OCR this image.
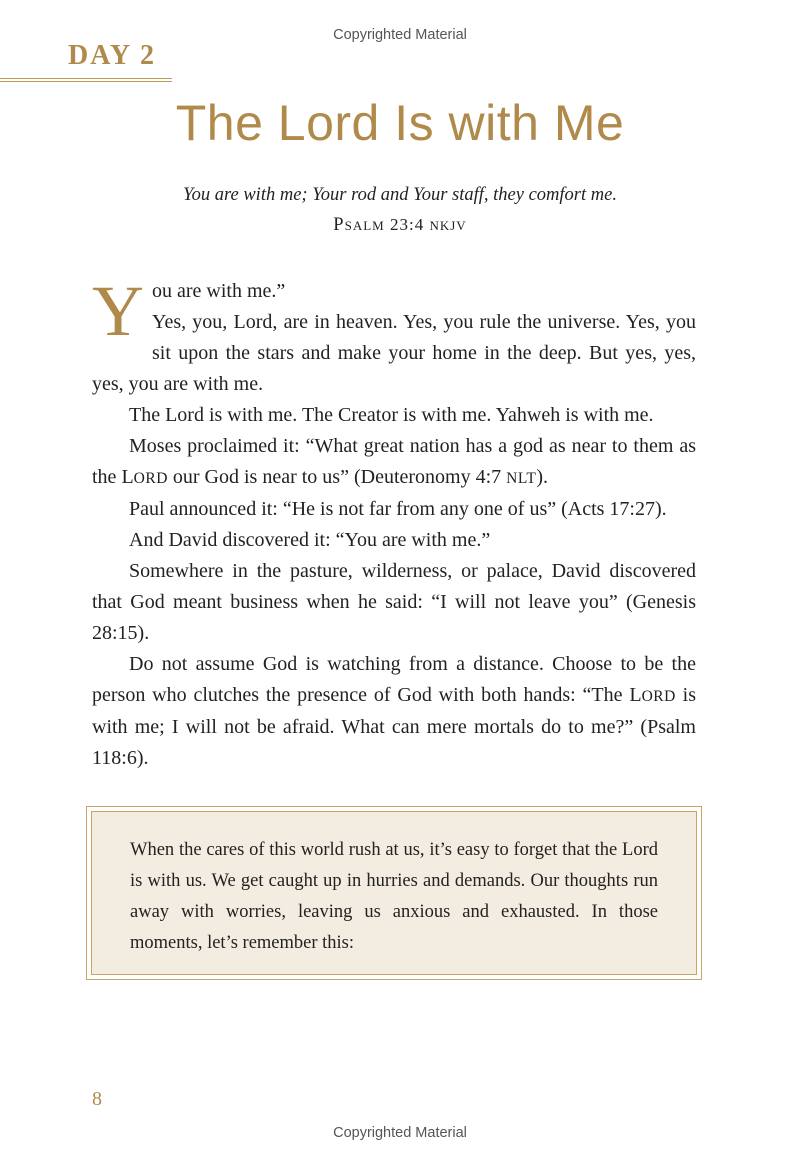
Copyrighted Material
DAY 2
The Lord Is with Me
You are with me; Your rod and Your staff, they comfort me.
PSALM 23:4 NKJV

You are with me.”
Yes, you, Lord, are in heaven. Yes, you rule the universe. Yes, you sit upon the stars and make your home in the deep. But yes, yes, yes, you are with me.

The Lord is with me. The Creator is with me. Yahweh is with me.

Moses proclaimed it: “What great nation has a god as near to them as the LORD our God is near to us” (Deuteronomy 4:7 NLT).

Paul announced it: “He is not far from any one of us” (Acts 17:27).

And David discovered it: “You are with me.”

Somewhere in the pasture, wilderness, or palace, David discovered that God meant business when he said: “I will not leave you” (Genesis 28:15).

Do not assume God is watching from a distance. Choose to be the person who clutches the presence of God with both hands: “The LORD is with me; I will not be afraid. What can mere mortals do to me?” (Psalm 118:6).

When the cares of this world rush at us, it’s easy to forget that the Lord is with us. We get caught up in hurries and demands. Our thoughts run away with worries, leaving us anxious and exhausted. In those moments, let’s remember this:

8
Copyrighted Material
